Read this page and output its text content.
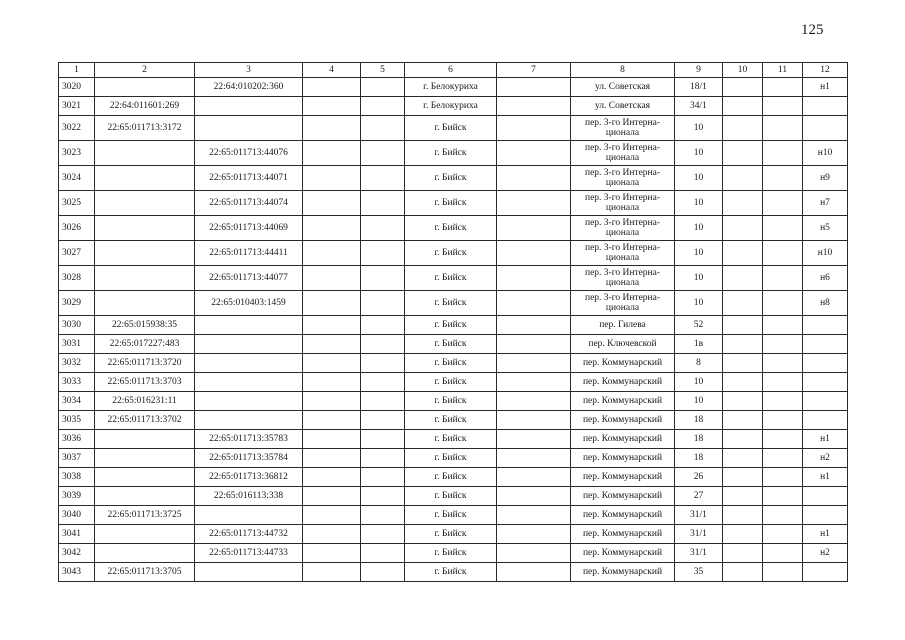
125
1	2	3	4	5	6	7	8	9	10	11	12
3020		22:64:010202:360			г. Белокуриха		ул. Советская	18/1			н1
3021	22:64:011601:269				г. Белокуриха		ул. Советская	34/1			
3022	22:65:011713:3172				г. Бийск		пер. 3-го Интерна-ционала	10			
3023		22:65:011713:44076			г. Бийск		пер. 3-го Интерна-ционала	10			н10
3024		22:65:011713:44071			г. Бийск		пер. 3-го Интерна-ционала	10			н9
3025		22:65:011713:44074			г. Бийск		пер. 3-го Интерна-ционала	10			н7
3026		22:65:011713:44069			г. Бийск		пер. 3-го Интерна-ционала	10			н5
3027		22:65:011713:44411			г. Бийск		пер. 3-го Интерна-ционала	10			н10
3028		22:65:011713:44077			г. Бийск		пер. 3-го Интерна-ционала	10			н6
3029		22:65:010403:1459			г. Бийск		пер. 3-го Интерна-ционала	10			н8
3030	22:65:015938:35				г. Бийск		пер. Гилева	52			
3031	22:65:017227:483				г. Бийск		пер. Ключевской	1в			
3032	22:65:011713:3720				г. Бийск		пер. Коммунарский	8			
3033	22:65:011713:3703				г. Бийск		пер. Коммунарский	10			
3034	22:65:016231:11				г. Бийск		пер. Коммунарский	10			
3035	22:65:011713:3702				г. Бийск		пер. Коммунарский	18			
3036		22:65:011713:35783			г. Бийск		пер. Коммунарский	18			н1
3037		22:65:011713:35784			г. Бийск		пер. Коммунарский	18			н2
3038		22:65:011713:36812			г. Бийск		пер. Коммунарский	26			н1
3039		22:65:016113:338			г. Бийск		пер. Коммунарский	27			
3040	22:65:011713:3725				г. Бийск		пер. Коммунарский	31/1			
3041		22:65:011713:44732			г. Бийск		пер. Коммунарский	31/1			н1
3042		22:65:011713:44733			г. Бийск		пер. Коммунарский	31/1			н2
3043	22:65:011713:3705				г. Бийск		пер. Коммунарский	35			
